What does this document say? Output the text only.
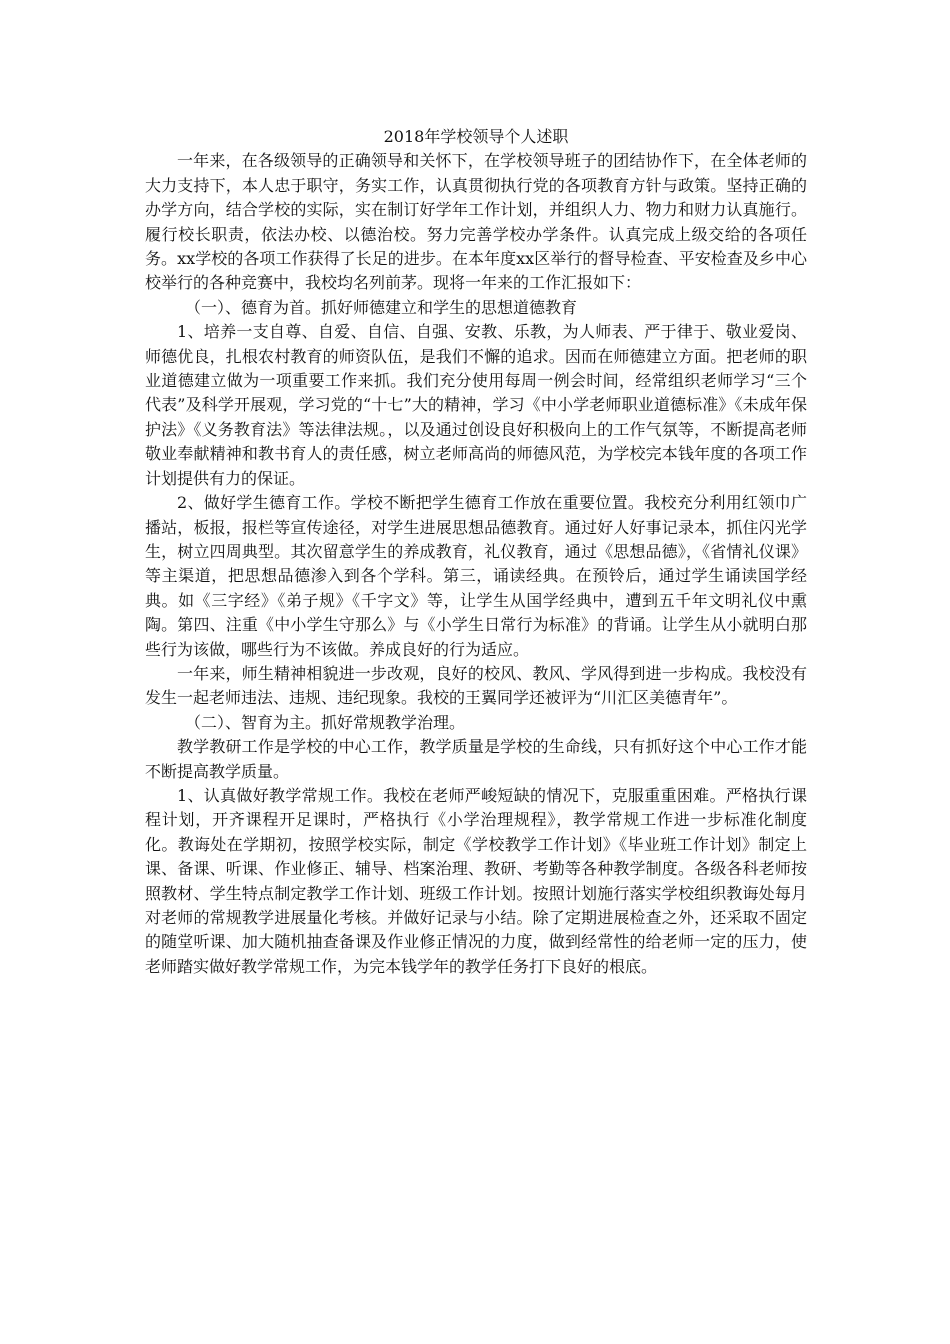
2018年学校领导个人述职

一年来，在各级领导的正确领导和关怀下，在学校领导班子的团结协作下，在全体老师的大力支持下，本人忠于职守，务实工作，认真贯彻执行党的各项教育方针与政策。坚持正确的办学方向，结合学校的实际，实在制订好学年工作计划，并组织人力、物力和财力认真施行。履行校长职责，依法办校、以德治校。努力完善学校办学条件。认真完成上级交给的各项任务。xx学校的各项工作获得了长足的进步。在本年度xx区举行的督导检查、平安检查及乡中心校举行的各种竞赛中，我校均名列前茅。现将一年来的工作汇报如下：

（一）、德育为首。抓好师德建立和学生的思想道德教育

1、培养一支自尊、自爱、自信、自强、安教、乐教，为人师表、严于律于、敬业爱岗、师德优良，扎根农村教育的师资队伍，是我们不懈的追求。因而在师德建立方面。把老师的职业道德建立做为一项重要工作来抓。我们充分使用每周一例会时间，经常组织老师学习“三个代表”及科学开展观，学习党的“十七”大的精神，学习《中小学老师职业道德标准》《未成年保护法》《义务教育法》等法律法规。，以及通过创设良好积极向上的工作气氛等，不断提高老师敬业奉献精神和教书育人的责任感，树立老师高尚的师德风范，为学校完本钱年度的各项工作计划提供有力的保证。

2、做好学生德育工作。学校不断把学生德育工作放在重要位置。我校充分利用红领巾广播站，板报，报栏等宣传途径，对学生进展思想品德教育。通过好人好事记录本，抓住闪光学生，树立四周典型。其次留意学生的养成教育，礼仪教育，通过《思想品德》，《省情礼仪课》等主渠道，把思想品德渗入到各个学科。第三，诵读经典。在预铃后，通过学生诵读国学经典。如《三字经》《弟子规》《千字文》等，让学生从国学经典中，遭到五千年文明礼仪中熏陶。第四、注重《中小学生守那么》与《小学生日常行为标准》的背诵。让学生从小就明白那些行为该做，哪些行为不该做。养成良好的行为适应。

一年来，师生精神相貌进一步改观，良好的校风、教风、学风得到进一步构成。我校没有发生一起老师违法、违规、违纪现象。我校的王翼同学还被评为“川汇区美德青年”。

（二）、智育为主。抓好常规教学治理。

教学教研工作是学校的中心工作，教学质量是学校的生命线，只有抓好这个中心工作才能不断提高教学质量。

1、认真做好教学常规工作。我校在老师严峻短缺的情况下，克服重重困难。严格执行课程计划，开齐课程开足课时，严格执行《小学治理规程》，教学常规工作进一步标准化制度化。教诲处在学期初，按照学校实际，制定《学校教学工作计划》《毕业班工作计划》制定上课、备课、听课、作业修正、辅导、档案治理、教研、考勤等各种教学制度。各级各科老师按照教材、学生特点制定教学工作计划、班级工作计划。按照计划施行落实学校组织教诲处每月对老师的常规教学进展量化考核。并做好记录与小结。除了定期进展检查之外，还采取不固定的随堂听课、加大随机抽查备课及作业修正情况的力度，做到经常性的给老师一定的压力，使老师踏实做好教学常规工作，为完本钱学年的教学任务打下良好的根底。
